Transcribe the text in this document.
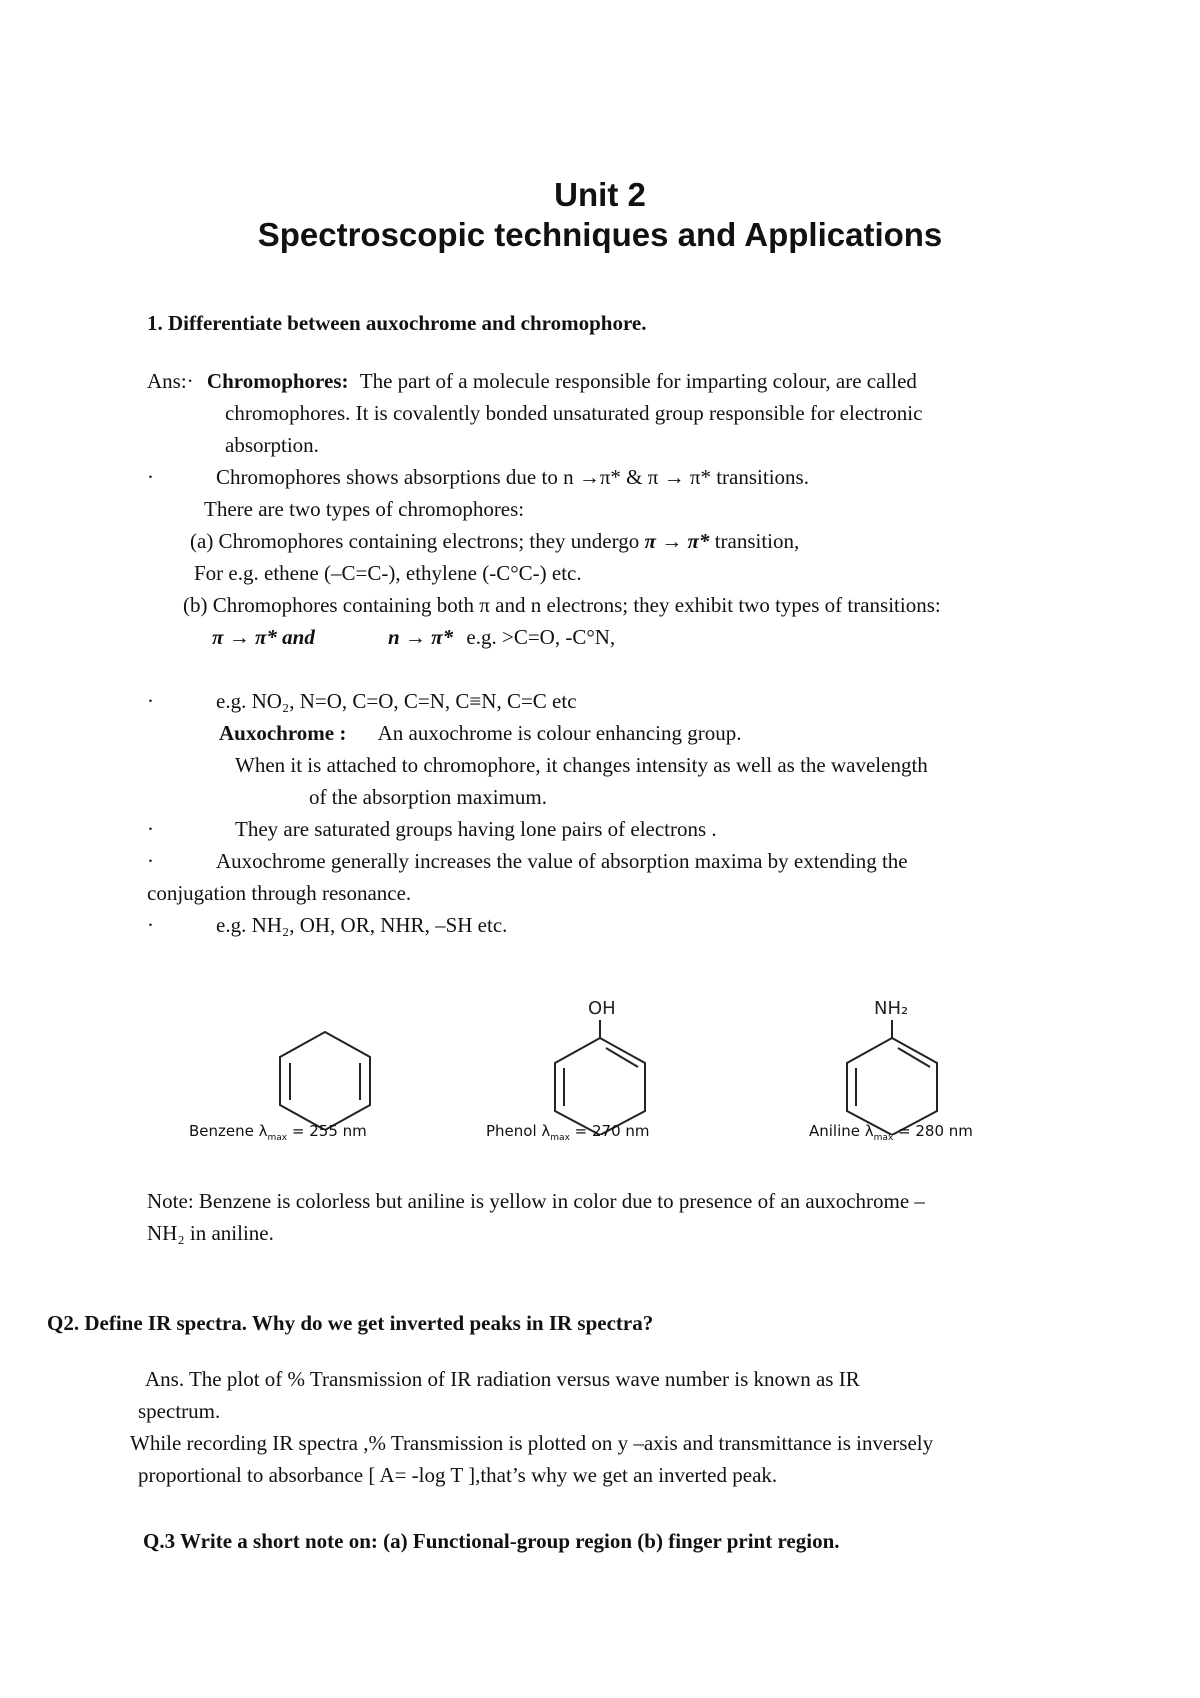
Unit 2
Spectroscopic techniques and Applications
1. Differentiate between auxochrome and chromophore.
Ans:· Chromophores: The part of a molecule responsible for imparting colour, are called
chromophores. It is covalently bonded unsaturated group responsible for electronic
absorption.
·	Chromophores shows absorptions due to n →π* & π → π* transitions.
There are two types of chromophores:
(a) Chromophores containing electrons; they undergo π → π* transition,
For e.g. ethene (–C=C-), ethylene (-C°C-) etc.
(b) Chromophores containing both π and n electrons; they exhibit two types of transitions:
π → π* and	n → π* e.g. >C=O, -C°N,
·	e.g. NO₂, N=O, C=O, C=N, C≡N, C=C etc
Auxochrome : An auxochrome is colour enhancing group.
When it is attached to chromophore, it changes intensity as well as the wavelength
of the absorption maximum.
·	They are saturated groups having lone pairs of electrons .
·	Auxochrome generally increases the value of absorption maxima by extending the
conjugation through resonance.
·	e.g. NH₂, OH, OR, NHR, –SH etc.
OH	NH₂
Benzene $\lambda_{max} = 255$ nm	Phenol $\lambda_{max} = 270$ nm	Aniline $\lambda_{max} = 280$ nm
Note: Benzene is colorless but aniline is yellow in color due to presence of an auxochrome –
NH₂ in aniline.
Q2. Define IR spectra. Why do we get inverted peaks in IR spectra?
Ans. The plot of % Transmission of IR radiation versus wave number is known as IR
spectrum.
While recording IR spectra ,% Transmission is plotted on y –axis and transmittance is inversely
proportional to absorbance [ A= -log T ],that’s why we get an inverted peak.
Q.3 Write a short note on: (a) Functional-group region (b) finger print region.
